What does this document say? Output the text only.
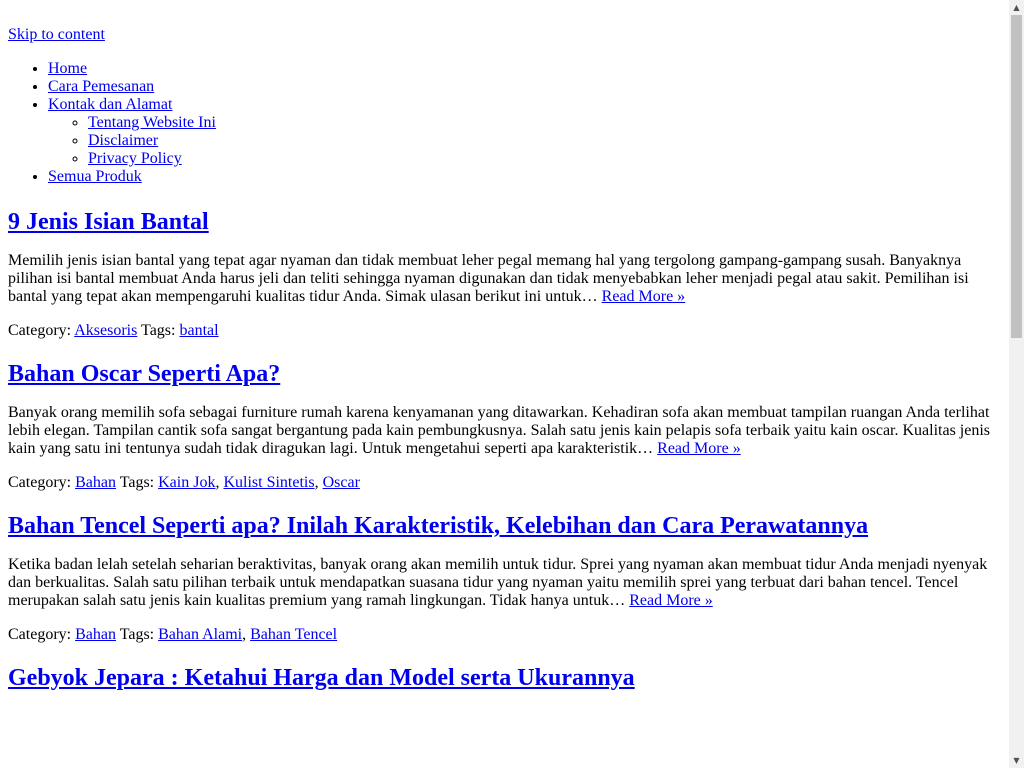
Skip to content
• Home
• Cara Pemesanan
• Kontak dan Alamat
◦ Tentang Website Ini
◦ Disclaimer
◦ Privacy Policy
• Semua Produk
9 Jenis Isian Bantal

Memilih jenis isian bantal yang tepat agar nyaman dan tidak membuat leher pegal memang hal yang tergolong gampang-gampang susah. Banyaknya pilihan isi bantal membuat Anda harus jeli dan teliti sehingga nyaman digunakan dan tidak menyebabkan leher menjadi pegal atau sakit. Pemilihan isi bantal yang tepat akan mempengaruhi kualitas tidur Anda. Simak ulasan berikut ini untuk… Read More »

Category: Aksesoris Tags: bantal

Bahan Oscar Seperti Apa?

Banyak orang memilih sofa sebagai furniture rumah karena kenyamanan yang ditawarkan. Kehadiran sofa akan membuat tampilan ruangan Anda terlihat lebih elegan. Tampilan cantik sofa sangat bergantung pada kain pembungkusnya. Salah satu jenis kain pelapis sofa terbaik yaitu kain oscar. Kualitas jenis kain yang satu ini tentunya sudah tidak diragukan lagi. Untuk mengetahui seperti apa karakteristik… Read More »

Category: Bahan Tags: Kain Jok, Kulist Sintetis, Oscar

Bahan Tencel Seperti apa? Inilah Karakteristik, Kelebihan dan Cara Perawatannya

Ketika badan lelah setelah seharian beraktivitas, banyak orang akan memilih untuk tidur. Sprei yang nyaman akan membuat tidur Anda menjadi nyenyak dan berkualitas. Salah satu pilihan terbaik untuk mendapatkan suasana tidur yang nyaman yaitu memilih sprei yang terbuat dari bahan tencel. Tencel merupakan salah satu jenis kain kualitas premium yang ramah lingkungan. Tidak hanya untuk… Read More »

Category: Bahan Tags: Bahan Alami, Bahan Tencel

Gebyok Jepara : Ketahui Harga dan Model serta Ukurannya
▲
▼
